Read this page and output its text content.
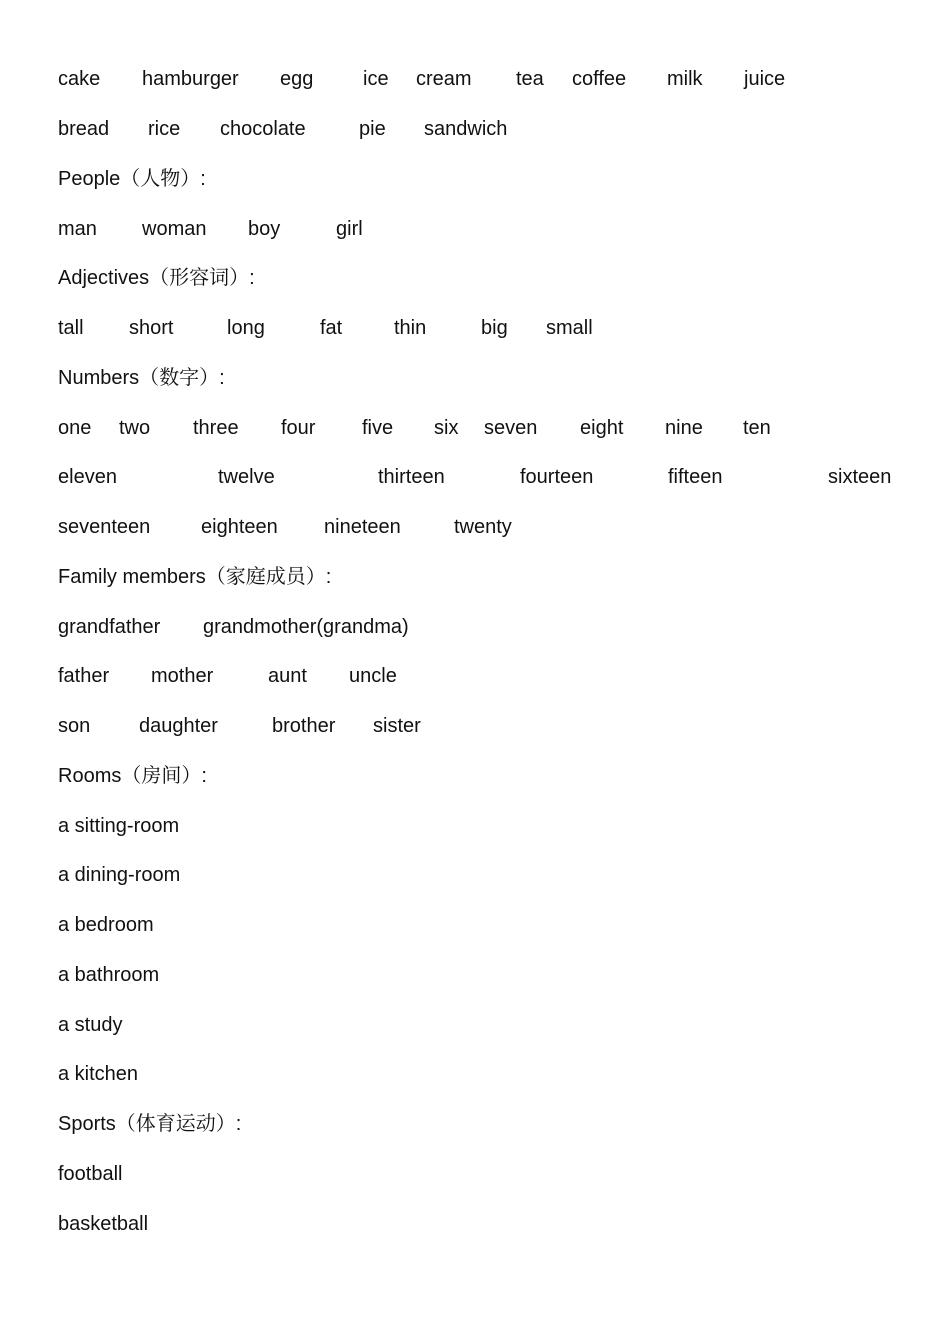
cake hamburger egg ice cream tea coffee milk juice
bread rice chocolate	pie sandwich
People（人物）:
man woman boy	girl
Adjectives（形容词）:
tall short	long	fat	thin	big small
Numbers（数字）:
one two three four five six seven eight nine ten
eleven	twelve	thirteen	fourteen	fifteen	sixteen
seventeen	eighteen nineteen	twenty
Family members（家庭成员）:
grandfather grandmother(grandma)
father mother	aunt uncle
son daughter	brother sister
Rooms（房间）:
a sitting-room
a dining-room
a bedroom
a bathroom
a study
a kitchen
Sports（体育运动）:
football
basketball
